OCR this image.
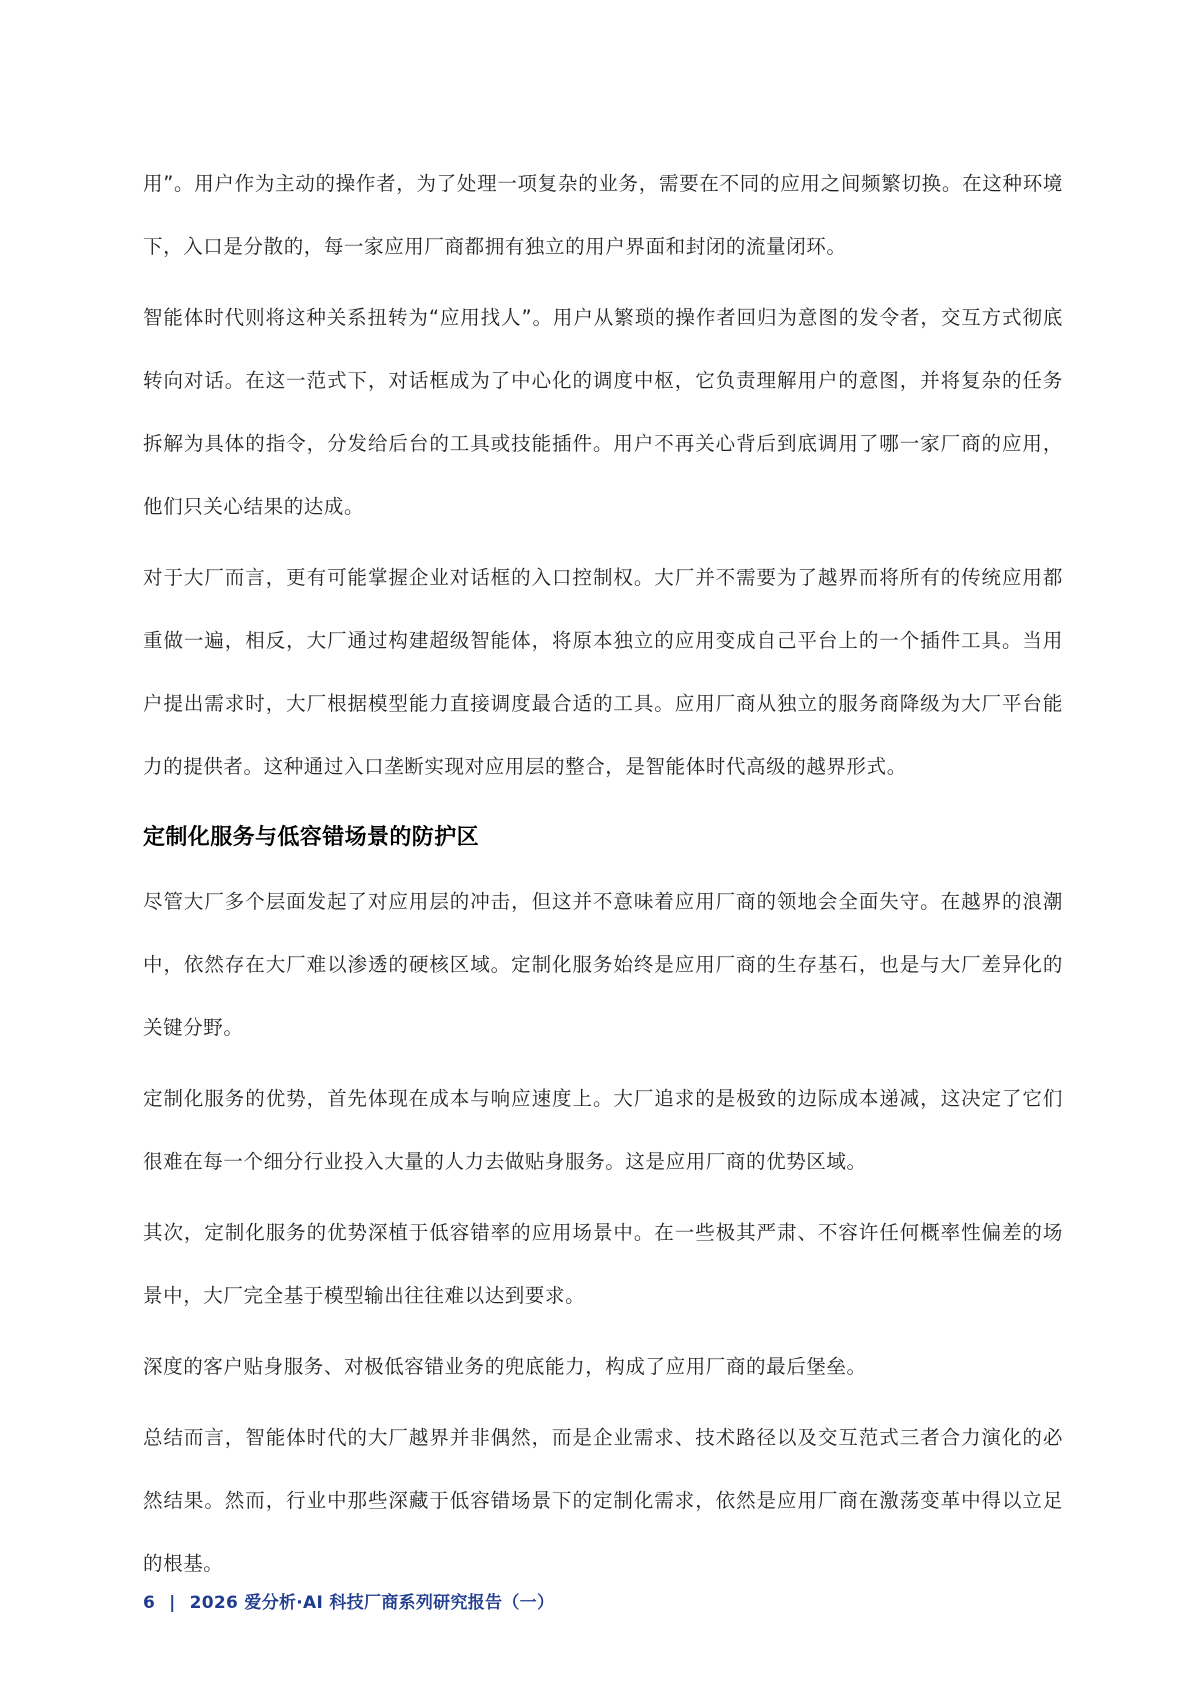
用”。用户作为主动的操作者，为了处理一项复杂的业务，需要在不同的应用之间频繁切换。在这种环境下，入口是分散的，每一家应用厂商都拥有独立的用户界面和封闭的流量闭环。

智能体时代则将这种关系扭转为“应用找人”。用户从繁琐的操作者回归为意图的发令者，交互方式彻底转向对话。在这一范式下，对话框成为了中心化的调度中枢，它负责理解用户的意图，并将复杂的任务拆解为具体的指令，分发给后台的工具或技能插件。用户不再关心背后到底调用了哪一家厂商的应用，他们只关心结果的达成。

对于大厂而言，更有可能掌握企业对话框的入口控制权。大厂并不需要为了越界而将所有的传统应用都重做一遍，相反，大厂通过构建超级智能体，将原本独立的应用变成自己平台上的一个插件工具。当用户提出需求时，大厂根据模型能力直接调度最合适的工具。应用厂商从独立的服务商降级为大厂平台能力的提供者。这种通过入口垄断实现对应用层的整合，是智能体时代高级的越界形式。

定制化服务与低容错场景的防护区

尽管大厂多个层面发起了对应用层的冲击，但这并不意味着应用厂商的领地会全面失守。在越界的浪潮中，依然存在大厂难以渗透的硬核区域。定制化服务始终是应用厂商的生存基石，也是与大厂差异化的关键分野。

定制化服务的优势，首先体现在成本与响应速度上。大厂追求的是极致的边际成本递减，这决定了它们很难在每一个细分行业投入大量的人力去做贴身服务。这是应用厂商的优势区域。

其次，定制化服务的优势深植于低容错率的应用场景中。在一些极其严肃、不容许任何概率性偏差的场景中，大厂完全基于模型输出往往难以达到要求。

深度的客户贴身服务、对极低容错业务的兜底能力，构成了应用厂商的最后堡垒。

总结而言，智能体时代的大厂越界并非偶然，而是企业需求、技术路径以及交互范式三者合力演化的必然结果。然而，行业中那些深藏于低容错场景下的定制化需求，依然是应用厂商在激荡变革中得以立足的根基。

6 | 2026 爱分析·AI 科技厂商系列研究报告（一）
